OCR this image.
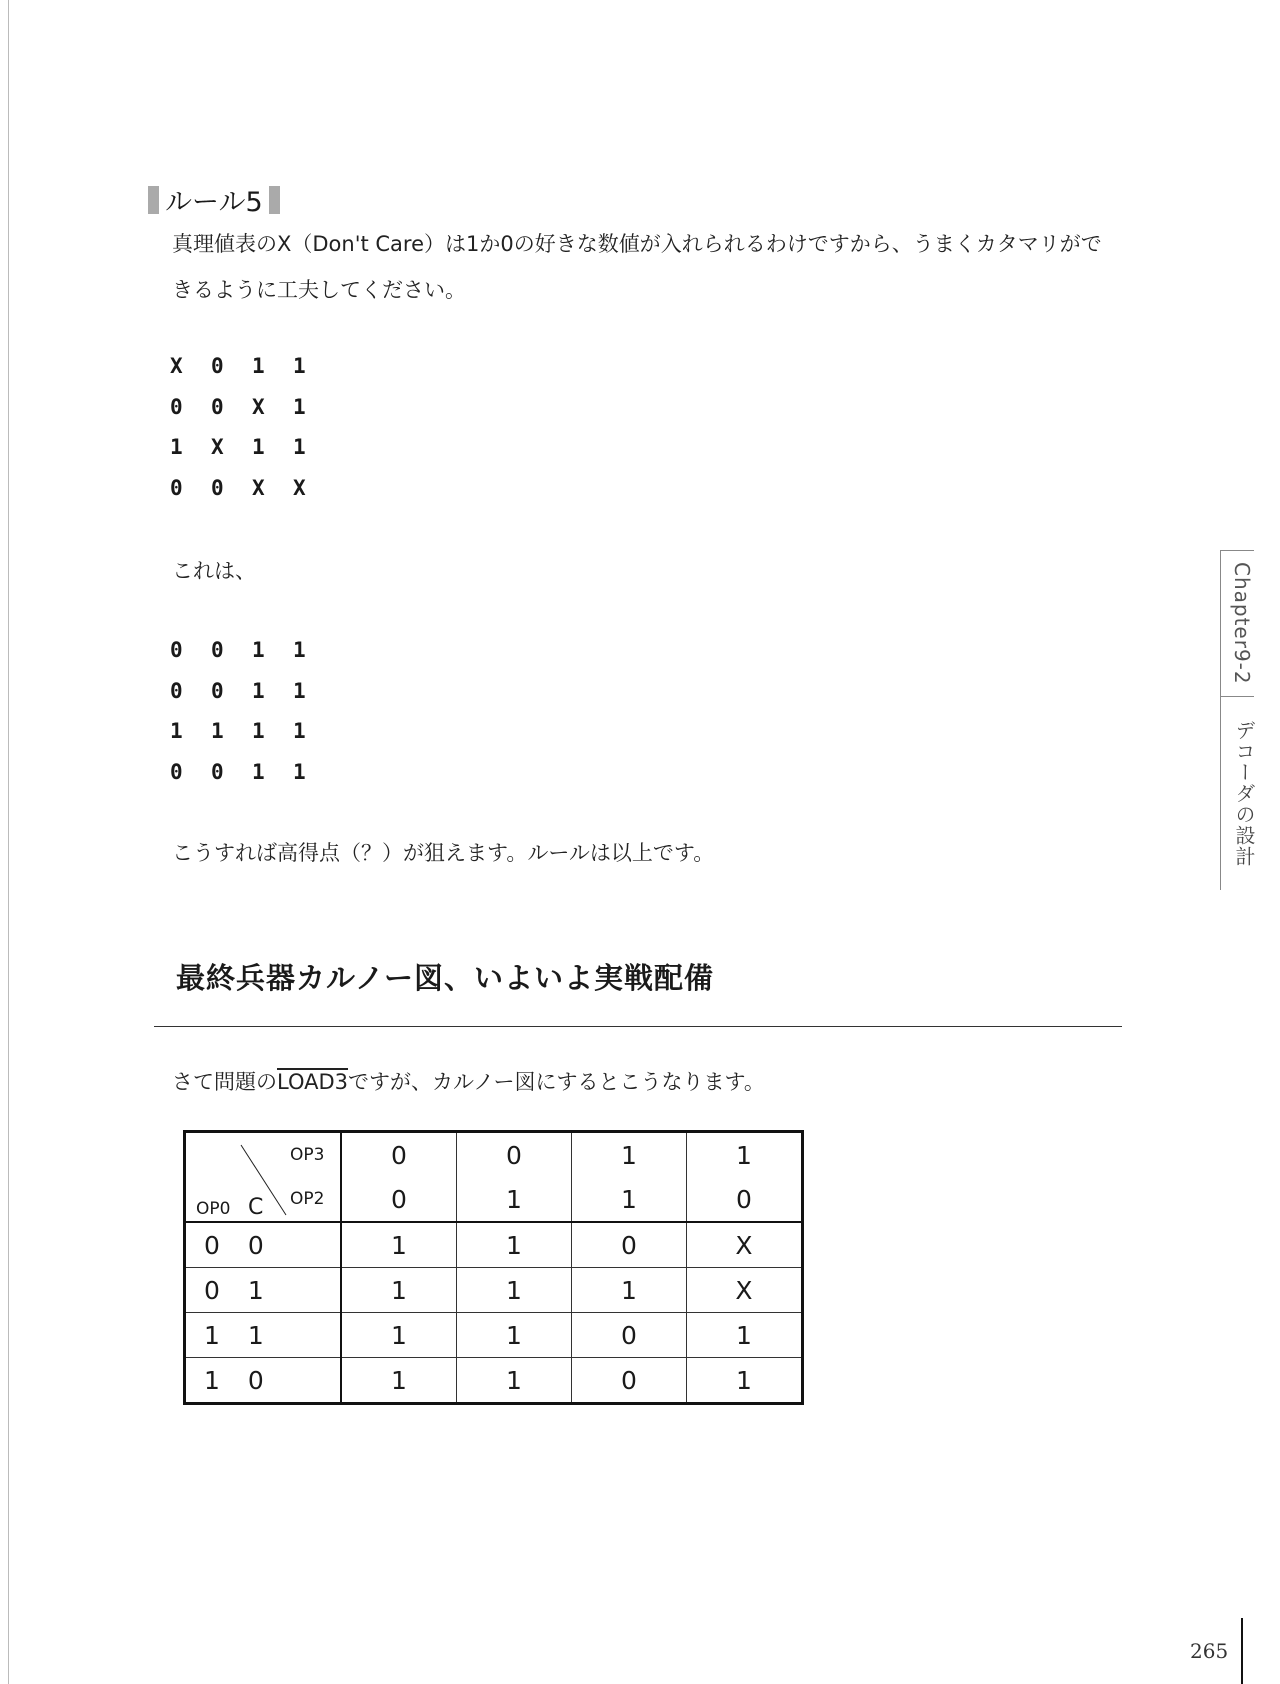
ルール5
真理値表のX（Don't Care）は1か0の好きな数値が入れられるわけですから、うまくカタマリができるように工夫してください。
X	0	1	1
0	0	X	1
1	X	1	1
0	0	X	X
これは、
0	0	1	1
0	0	1	1
1	1	1	1
0	0	1	1
こうすれば高得点（？）が狙えます。ルールは以上です。
最終兵器カルノー図、いよいよ実戦配備
さて問題のLOAD3ですが、カルノー図にするとこうなります。
OP3
OP2
OP0 C	0	0	1	1
	0	1	1	0
0 0	1	1	0	X
0 1	1	1	1	X
1 1	1	1	0	1
1 0	1	1	0	1
Chapter9-2
デコーダの設計
265
